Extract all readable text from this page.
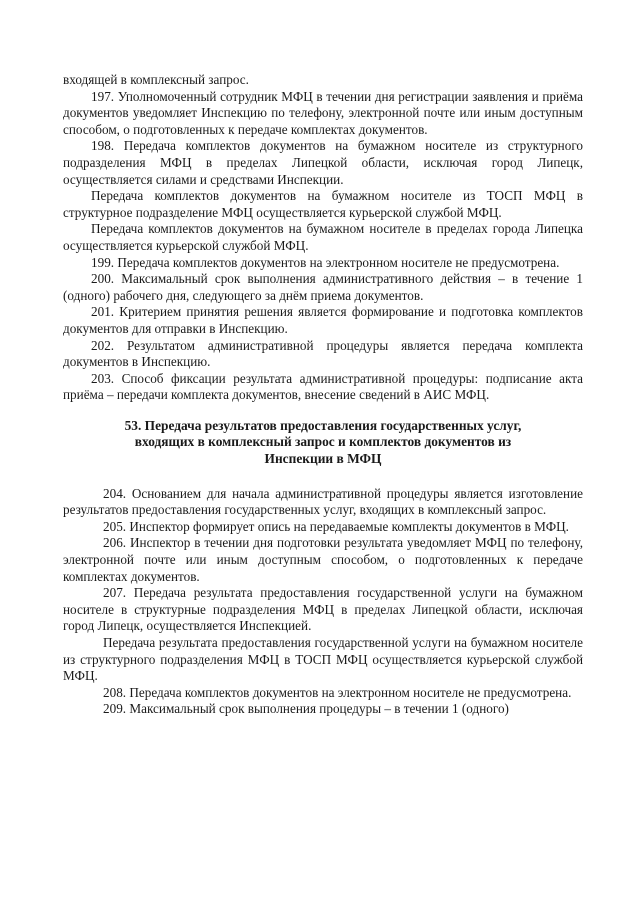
входящей в комплексный запрос.

197. Уполномоченный сотрудник МФЦ в течении дня регистрации заявления и приёма документов уведомляет Инспекцию по телефону, электронной почте или иным доступным способом, о подготовленных к передаче комплектах документов.

198. Передача комплектов документов на бумажном носителе из структурного подразделения МФЦ в пределах Липецкой области, исключая город Липецк, осуществляется силами и средствами Инспекции.

Передача комплектов документов на бумажном носителе из ТОСП МФЦ в структурное подразделение МФЦ осуществляется курьерской службой МФЦ.

Передача комплектов документов на бумажном носителе в пределах города Липецка осуществляется курьерской службой МФЦ.

199. Передача комплектов документов на электронном носителе не предусмотрена.

200. Максимальный срок выполнения административного действия – в течение 1 (одного) рабочего дня, следующего за днём приема документов.

201. Критерием принятия решения является формирование и подготовка комплектов документов для отправки в Инспекцию.

202. Результатом административной процедуры является передача комплекта документов в Инспекцию.

203. Способ фиксации результата административной процедуры: подписание акта приёма – передачи комплекта документов, внесение сведений в АИС МФЦ.

53. Передача результатов предоставления государственных услуг, входящих в комплексный запрос и комплектов документов из Инспекции в МФЦ

204. Основанием для начала административной процедуры является изготовление результатов предоставления государственных услуг, входящих в комплексный запрос.

205. Инспектор формирует опись на передаваемые комплекты документов в МФЦ.

206. Инспектор в течении дня подготовки результата уведомляет МФЦ по телефону, электронной почте или иным доступным способом, о подготовленных к передаче комплектах документов.

207. Передача результата предоставления государственной услуги на бумажном носителе в структурные подразделения МФЦ в пределах Липецкой области, исключая город Липецк, осуществляется Инспекцией.

Передача результата предоставления государственной услуги на бумажном носителе из структурного подразделения МФЦ в ТОСП МФЦ осуществляется курьерской службой МФЦ.

208. Передача комплектов документов на электронном носителе не предусмотрена.

209. Максимальный срок выполнения процедуры – в течении 1 (одного)
